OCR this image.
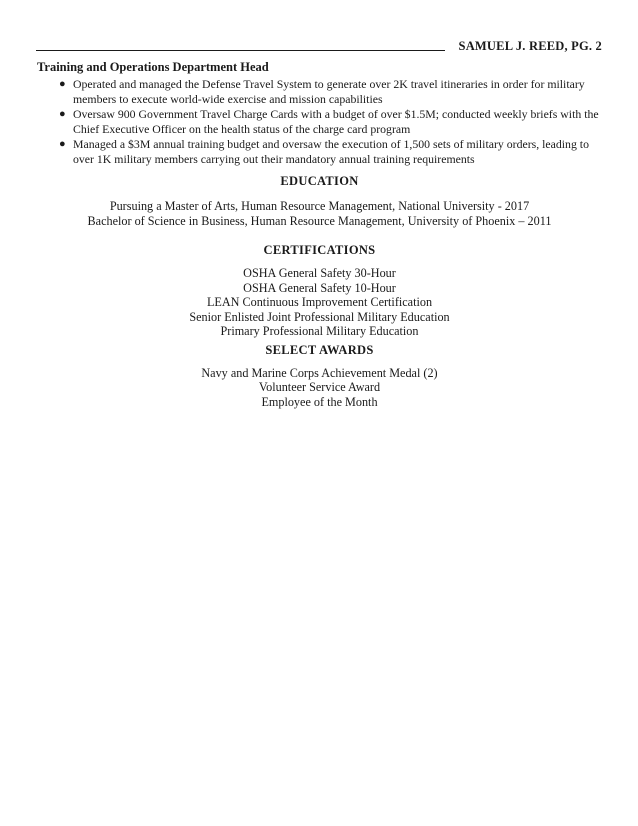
SAMUEL J. REED, PG. 2
Training and Operations Department Head
● Operated and managed the Defense Travel System to generate over 2K travel itineraries in order for military members to execute world-wide exercise and mission capabilities
● Oversaw 900 Government Travel Charge Cards with a budget of over $1.5M; conducted weekly briefs with the Chief Executive Officer on the health status of the charge card program
● Managed a $3M annual training budget and oversaw the execution of 1,500 sets of military orders, leading to over 1K military members carrying out their mandatory annual training requirements
EDUCATION
Pursuing a Master of Arts, Human Resource Management, National University - 2017
Bachelor of Science in Business, Human Resource Management, University of Phoenix – 2011
CERTIFICATIONS
OSHA General Safety 30-Hour
OSHA General Safety 10-Hour
LEAN Continuous Improvement Certification
Senior Enlisted Joint Professional Military Education
Primary Professional Military Education
SELECT AWARDS
Navy and Marine Corps Achievement Medal (2)
Volunteer Service Award
Employee of the Month
